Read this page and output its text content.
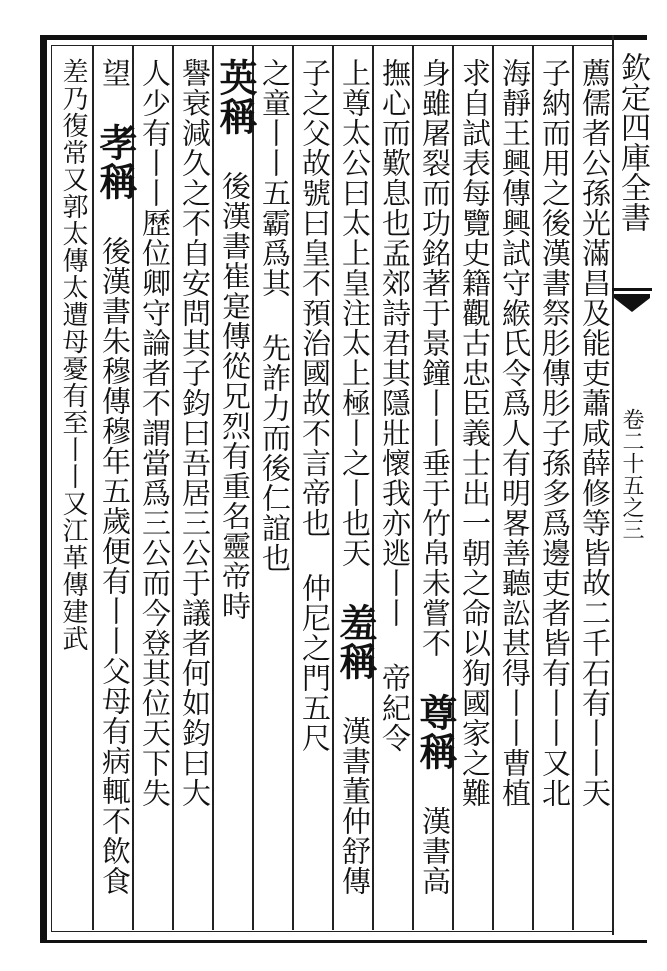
欽定四庫全書
卷二十五之三
薦儒者公孫光滿昌及能吏蕭咸薛修等皆故二千石有丨丨天
子納而用之後漢書祭肜傳肜子孫多爲邊吏者皆有丨丨又北
海靜王興傳興試守緱氏令爲人有明畧善聽訟甚得丨丨曹植
求自試表每覽史籍觀古忠臣義士出一朝之命以狥國家之難
身雖屠裂而功銘著于景鐘丨丨垂于竹帛未嘗不 尊稱 漢書高
撫心而歎息也孟郊詩君其隱壯懷我亦逃丨丨 帝紀令
上尊太公曰太上皇注太上極丨之丨也天 羞稱 漢書董仲舒傳
子之父故號曰皇不預治國故不言帝也 仲尼之門五尺
之童丨丨五霸爲其 先詐力而後仁誼也
英稱 後漢書崔寔傳從兄烈有重名靈帝時
譽衰減久之不自安問其子鈞曰吾居三公于議者何如鈞曰大
人少有丨丨歷位卿守論者不謂當爲三公而今登其位天下失
望 孝稱 後漢書朱穆傳穆年五歲便有丨丨父母有病輒不飲食
差乃復常又郭太傳太遭母憂有至丨丨又江革傳建武
